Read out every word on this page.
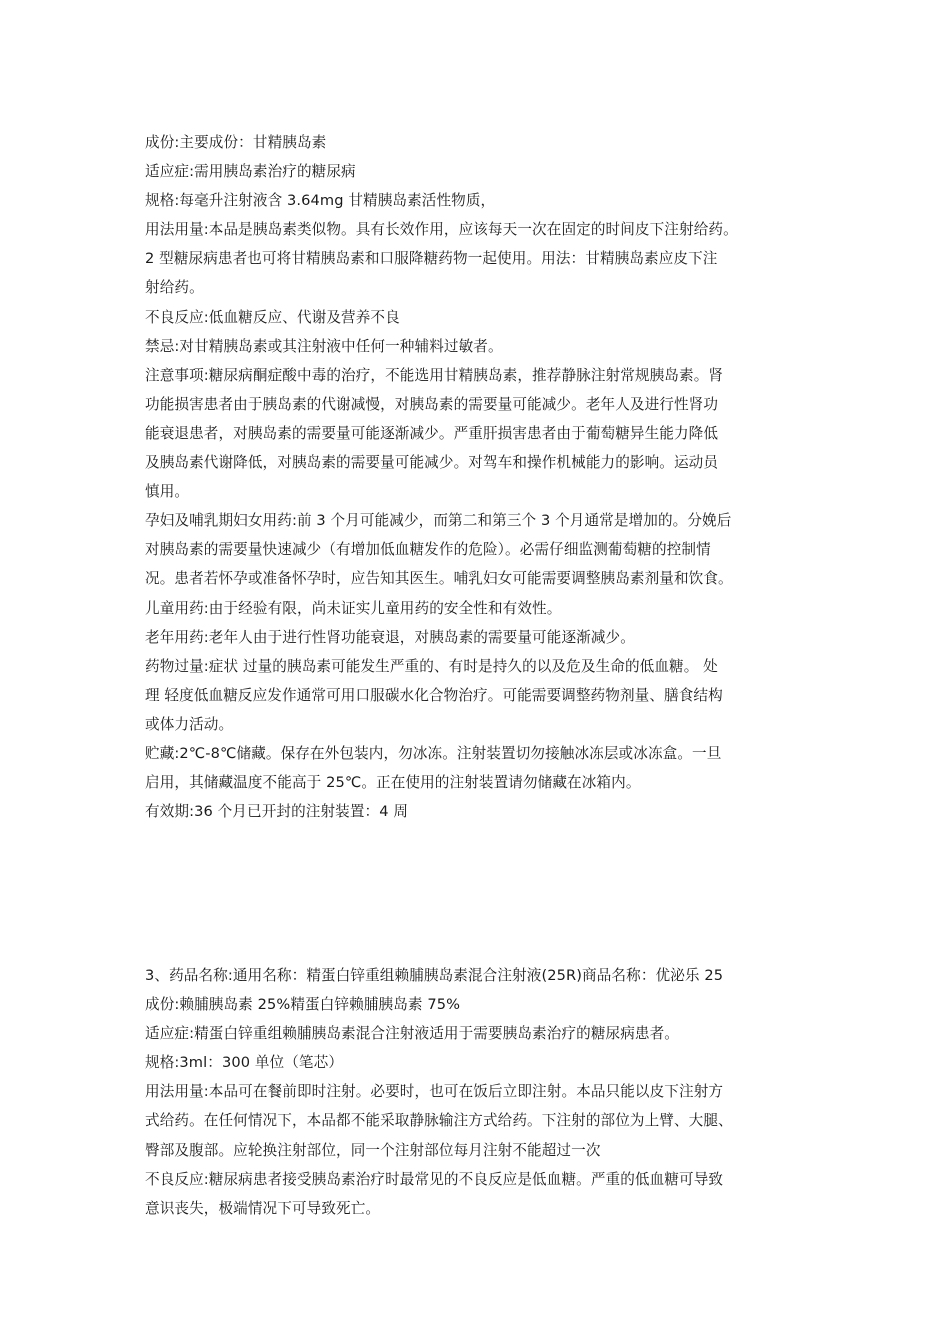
成份:主要成份：甘精胰岛素
适应症:需用胰岛素治疗的糖尿病
规格:每毫升注射液含 3.64mg 甘精胰岛素活性物质，
用法用量:本品是胰岛素类似物。具有长效作用，应该每天一次在固定的时间皮下注射给药。
2 型糖尿病患者也可将甘精胰岛素和口服降糖药物一起使用。用法：甘精胰岛素应皮下注
射给药。
不良反应:低血糖反应、代谢及营养不良
禁忌:对甘精胰岛素或其注射液中任何一种辅料过敏者。
注意事项:糖尿病酮症酸中毒的治疗，不能选用甘精胰岛素，推荐静脉注射常规胰岛素。肾
功能损害患者由于胰岛素的代谢减慢，对胰岛素的需要量可能减少。老年人及进行性肾功
能衰退患者，对胰岛素的需要量可能逐渐减少。严重肝损害患者由于葡萄糖异生能力降低
及胰岛素代谢降低，对胰岛素的需要量可能减少。对驾车和操作机械能力的影响。运动员
慎用。
孕妇及哺乳期妇女用药:前 3 个月可能减少，而第二和第三个 3 个月通常是增加的。分娩后
对胰岛素的需要量快速减少（有增加低血糖发作的危险）。必需仔细监测葡萄糖的控制情
况。患者若怀孕或准备怀孕时，应告知其医生。哺乳妇女可能需要调整胰岛素剂量和饮食。
儿童用药:由于经验有限，尚未证实儿童用药的安全性和有效性。
老年用药:老年人由于进行性肾功能衰退，对胰岛素的需要量可能逐渐减少。
药物过量:症状 过量的胰岛素可能发生严重的、有时是持久的以及危及生命的低血糖。 处
理 轻度低血糖反应发作通常可用口服碳水化合物治疗。可能需要调整药物剂量、膳食结构
或体力活动。
贮藏:2℃-8℃储藏。保存在外包装内，勿冰冻。注射装置切勿接触冰冻层或冰冻盒。一旦
启用，其储藏温度不能高于 25℃。正在使用的注射装置请勿储藏在冰箱内。
有效期:36 个月已开封的注射装置：4 周
3、药品名称:通用名称：精蛋白锌重组赖脯胰岛素混合注射液(25R)商品名称：优泌乐 25
成份:赖脯胰岛素 25%精蛋白锌赖脯胰岛素 75%
适应症:精蛋白锌重组赖脯胰岛素混合注射液适用于需要胰岛素治疗的糖尿病患者。
规格:3ml：300 单位（笔芯）
用法用量:本品可在餐前即时注射。必要时，也可在饭后立即注射。本品只能以皮下注射方
式给药。在任何情况下，本品都不能采取静脉输注方式给药。下注射的部位为上臂、大腿、
臀部及腹部。应轮换注射部位，同一个注射部位每月注射不能超过一次
不良反应:糖尿病患者接受胰岛素治疗时最常见的不良反应是低血糖。严重的低血糖可导致
意识丧失，极端情况下可导致死亡。
